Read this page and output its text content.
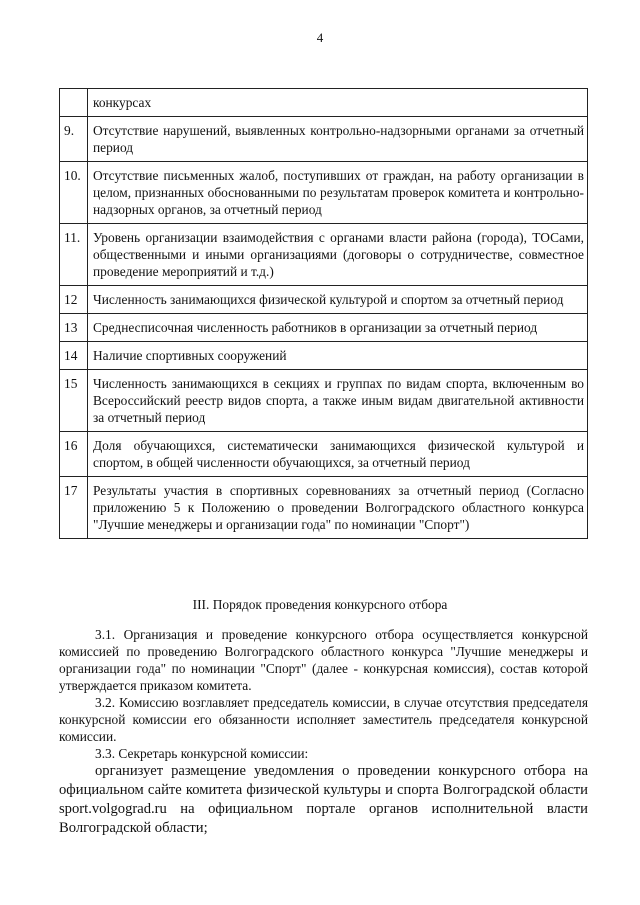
4
	конкурсах
9.	Отсутствие нарушений, выявленных контрольно-надзорными органами за отчетный период
10.	Отсутствие письменных жалоб, поступивших от граждан, на работу организации в целом, признанных обоснованными по результатам проверок комитета и контрольно-надзорных органов, за отчетный период
11.	Уровень организации взаимодействия с органами власти района (города), ТОСами, общественными и иными организациями (договоры о сотрудничестве, совместное проведение мероприятий и т.д.)
12	Численность занимающихся физической культурой и спортом за отчетный период
13	Среднесписочная численность работников в организации за отчетный период
14	Наличие спортивных сооружений
15	Численность занимающихся в секциях и группах по видам спорта, включенным во Всероссийский реестр видов спорта, а также иным видам двигательной активности за отчетный период
16	Доля обучающихся, систематически занимающихся физической культурой и спортом, в общей численности обучающихся, за отчетный период
17	Результаты участия в спортивных соревнованиях за отчетный период (Согласно приложению 5 к Положению о проведении Волгоградского областного конкурса "Лучшие менеджеры и организации года" по номинации "Спорт")
III. Порядок проведения конкурсного отбора

3.1. Организация и проведение конкурсного отбора осуществляется конкурсной комиссией по проведению Волгоградского областного конкурса "Лучшие менеджеры и организации года" по номинации "Спорт" (далее - конкурсная комиссия), состав которой утверждается приказом комитета.

3.2. Комиссию возглавляет председатель комиссии, в случае отсутствия председателя конкурсной комиссии его обязанности исполняет заместитель председателя конкурсной комиссии.

3.3. Секретарь конкурсной комиссии:

организует размещение уведомления о проведении конкурсного отбора на официальном сайте комитета физической культуры и спорта Волгоградской области sport.volgograd.ru на официальном портале органов исполнительной власти Волгоградской области;
